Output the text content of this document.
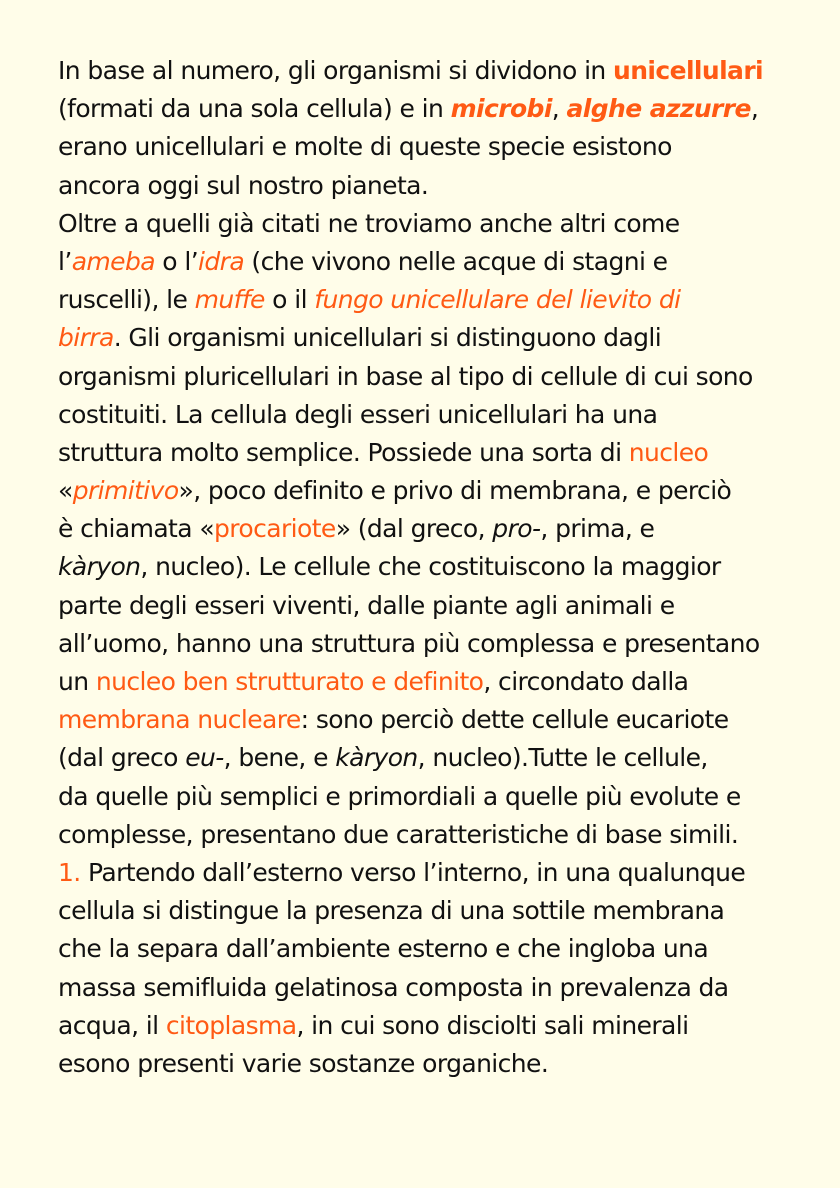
In base al numero, gli organismi si dividono in unicellulari
(formati da una sola cellula) e in microbi, alghe azzurre,
erano unicellulari e molte di queste specie esistono
ancora oggi sul nostro pianeta.
Oltre a quelli già citati ne troviamo anche altri come
l’ameba o l’idra (che vivono nelle acque di stagni e
ruscelli), le muffe o il fungo unicellulare del lievito di
birra. Gli organismi unicellulari si distinguono dagli
organismi pluricellulari in base al tipo di cellule di cui sono
costituiti. La cellula degli esseri unicellulari ha una
struttura molto semplice. Possiede una sorta di nucleo
«primitivo», poco definito e privo di membrana, e perciò
è chiamata «procariote» (dal greco, pro-, prima, e
kàryon, nucleo). Le cellule che costituiscono la maggior
parte degli esseri viventi, dalle piante agli animali e
all’uomo, hanno una struttura più complessa e presentano
un nucleo ben strutturato e definito, circondato dalla
membrana nucleare: sono perciò dette cellule eucariote
(dal greco eu-, bene, e kàryon, nucleo).Tutte le cellule,
da quelle più semplici e primordiali a quelle più evolute e
complesse, presentano due caratteristiche di base simili.
1. Partendo dall’esterno verso l’interno, in una qualunque
cellula si distingue la presenza di una sottile membrana
che la separa dall’ambiente esterno e che ingloba una
massa semifluida gelatinosa composta in prevalenza da
acqua, il citoplasma, in cui sono disciolti sali minerali
esono presenti varie sostanze organiche.
